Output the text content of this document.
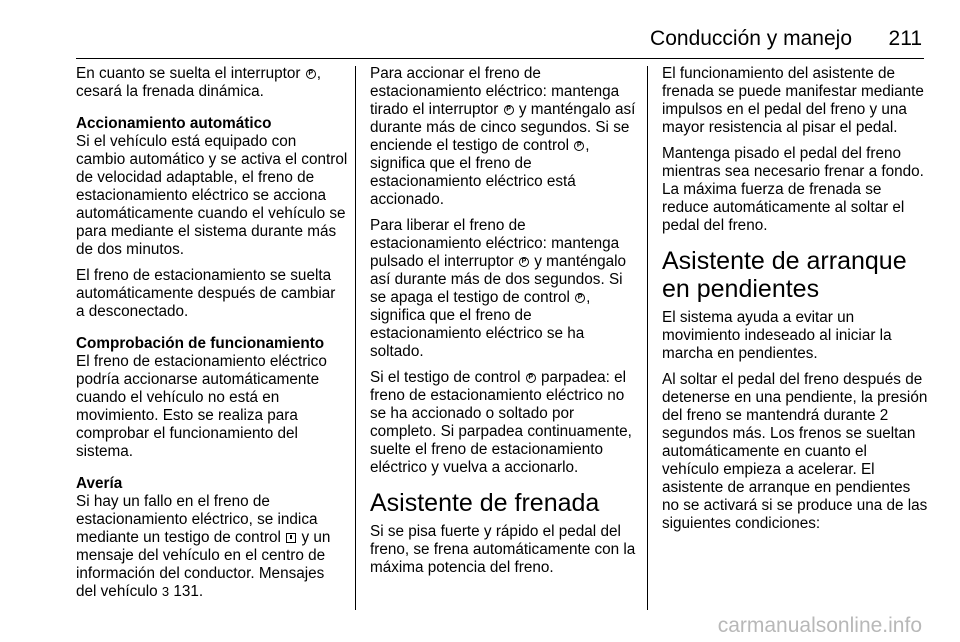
Conducción y manejo 211

En cuanto se suelta el interruptor P, cesará la frenada dinámica.

Accionamiento automático

Si el vehículo está equipado con cambio automático y se activa el control de velocidad adaptable, el freno de estacionamiento eléctrico se acciona automáticamente cuando el vehículo se para mediante el sistema durante más de dos minutos.

El freno de estacionamiento se suelta automáticamente después de cambiar a desconectado.

Comprobación de funcionamiento

El freno de estacionamiento eléctrico podría accionarse automáticamente cuando el vehículo no está en movimiento. Esto se realiza para comprobar el funcionamiento del sistema.

Avería

Si hay un fallo en el freno de estacionamiento eléctrico, se indica mediante un testigo de control  y un mensaje del vehículo en el centro de información del conductor. Mensajes del vehículo 3 131.

Para accionar el freno de estacionamiento eléctrico: mantenga tirado el interruptor P y manténgalo así durante más de cinco segundos. Si se enciende el testigo de control P, significa que el freno de estacionamiento eléctrico está accionado.

Para liberar el freno de estacionamiento eléctrico: mantenga pulsado el interruptor P y manténgalo así durante más de dos segundos. Si se apaga el testigo de control P, significa que el freno de estacionamiento eléctrico se ha soltado.

Si el testigo de control P parpadea: el freno de estacionamiento eléctrico no se ha accionado o soltado por completo. Si parpadea continuamente, suelte el freno de estacionamiento eléctrico y vuelva a accionarlo.

Asistente de frenada

Si se pisa fuerte y rápido el pedal del freno, se frena automáticamente con la máxima potencia del freno.

El funcionamiento del asistente de frenada se puede manifestar mediante impulsos en el pedal del freno y una mayor resistencia al pisar el pedal.

Mantenga pisado el pedal del freno mientras sea necesario frenar a fondo. La máxima fuerza de frenada se reduce automáticamente al soltar el pedal del freno.

Asistente de arranque en pendientes

El sistema ayuda a evitar un movimiento indeseado al iniciar la marcha en pendientes.

Al soltar el pedal del freno después de detenerse en una pendiente, la presión del freno se mantendrá durante 2 segundos más. Los frenos se sueltan automáticamente en cuanto el vehículo empieza a acelerar. El asistente de arranque en pendientes no se activará si se produce una de las siguientes condiciones:

carmanualsonline.info
